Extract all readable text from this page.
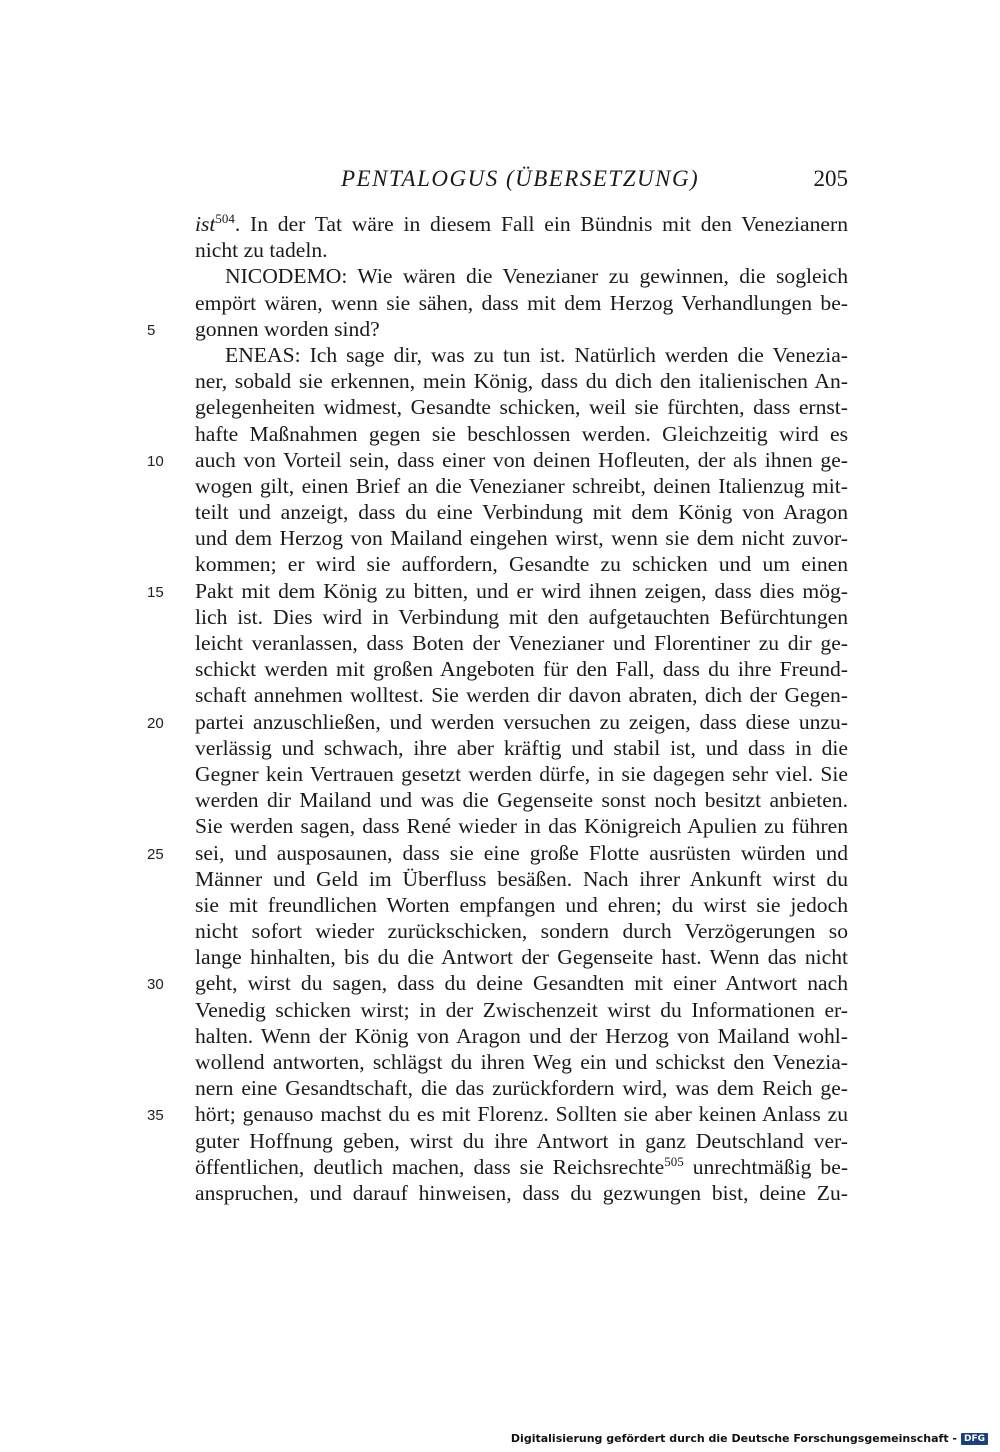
PENTALOGUS (ÜBERSETZUNG)	205
ist$^{504}$. In der Tat wäre in diesem Fall ein Bündnis mit den Venezianern
nicht zu tadeln.
NICODEMO: Wie wären die Venezianer zu gewinnen, die sogleich
empört wären, wenn sie sähen, dass mit dem Herzog Verhandlungen be-
5	gonnen worden sind?
ENEAS: Ich sage dir, was zu tun ist. Natürlich werden die Venezia-
ner, sobald sie erkennen, mein König, dass du dich den italienischen An-
gelegenheiten widmest, Gesandte schicken, weil sie fürchten, dass ernst-
hafte Maßnahmen gegen sie beschlossen werden. Gleichzeitig wird es
10	auch von Vorteil sein, dass einer von deinen Hofleuten, der als ihnen ge-
wogen gilt, einen Brief an die Venezianer schreibt, deinen Italienzug mit-
teilt und anzeigt, dass du eine Verbindung mit dem König von Aragon
und dem Herzog von Mailand eingehen wirst, wenn sie dem nicht zuvor-
kommen; er wird sie auffordern, Gesandte zu schicken und um einen
15	Pakt mit dem König zu bitten, und er wird ihnen zeigen, dass dies mög-
lich ist. Dies wird in Verbindung mit den aufgetauchten Befürchtungen
leicht veranlassen, dass Boten der Venezianer und Florentiner zu dir ge-
schickt werden mit großen Angeboten für den Fall, dass du ihre Freund-
schaft annehmen wolltest. Sie werden dir davon abraten, dich der Gegen-
20	partei anzuschließen, und werden versuchen zu zeigen, dass diese unzu-
verlässig und schwach, ihre aber kräftig und stabil ist, und dass in die
Gegner kein Vertrauen gesetzt werden dürfe, in sie dagegen sehr viel. Sie
werden dir Mailand und was die Gegenseite sonst noch besitzt anbieten.
Sie werden sagen, dass René wieder in das Königreich Apulien zu führen
25	sei, und ausposaunen, dass sie eine große Flotte ausrüsten würden und
Männer und Geld im Überfluss besäßen. Nach ihrer Ankunft wirst du
sie mit freundlichen Worten empfangen und ehren; du wirst sie jedoch
nicht sofort wieder zurückschicken, sondern durch Verzögerungen so
lange hinhalten, bis du die Antwort der Gegenseite hast. Wenn das nicht
30	geht, wirst du sagen, dass du deine Gesandten mit einer Antwort nach
Venedig schicken wirst; in der Zwischenzeit wirst du Informationen er-
halten. Wenn der König von Aragon und der Herzog von Mailand wohl-
wollend antworten, schlägst du ihren Weg ein und schickst den Venezia-
nern eine Gesandtschaft, die das zurückfordern wird, was dem Reich ge-
35	hört; genauso machst du es mit Florenz. Sollten sie aber keinen Anlass zu
guter Hoffnung geben, wirst du ihre Antwort in ganz Deutschland ver-
öffentlichen, deutlich machen, dass sie Reichsrechte$^{505}$ unrechtmäßig be-
anspruchen, und darauf hinweisen, dass du gezwungen bist, deine Zu-
Digitalisierung gefördert durch die Deutsche Forschungsgemeinschaft - DFG
